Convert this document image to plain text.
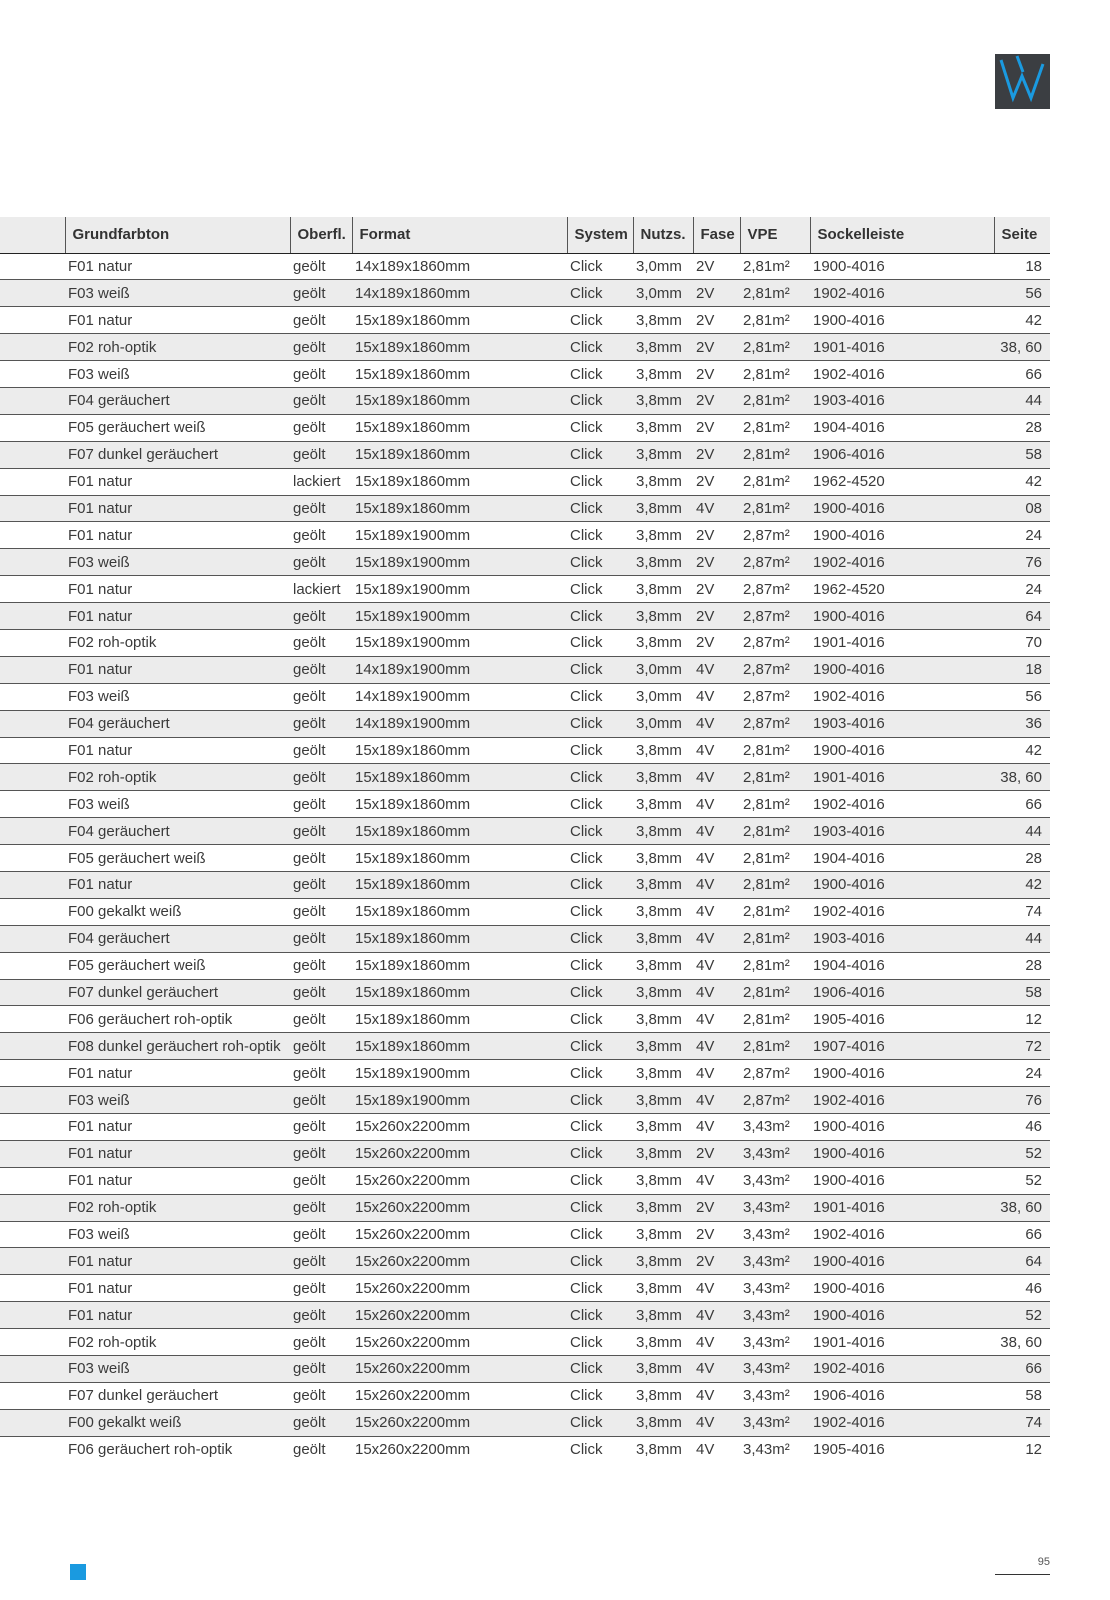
	Grundfarbton	Oberfl.	Format	System	Nutzs.	Fase	VPE	Sockelleiste	Seite
	F01 natur	geölt	14x189x1860mm	Click	3,0mm	2V	2,81m²	1900-4016	18
	F03 weiß	geölt	14x189x1860mm	Click	3,0mm	2V	2,81m²	1902-4016	56
	F01 natur	geölt	15x189x1860mm	Click	3,8mm	2V	2,81m²	1900-4016	42
	F02 roh-optik	geölt	15x189x1860mm	Click	3,8mm	2V	2,81m²	1901-4016	38, 60
	F03 weiß	geölt	15x189x1860mm	Click	3,8mm	2V	2,81m²	1902-4016	66
	F04 geräuchert	geölt	15x189x1860mm	Click	3,8mm	2V	2,81m²	1903-4016	44
	F05 geräuchert weiß	geölt	15x189x1860mm	Click	3,8mm	2V	2,81m²	1904-4016	28
	F07 dunkel geräuchert	geölt	15x189x1860mm	Click	3,8mm	2V	2,81m²	1906-4016	58
	F01 natur	lackiert	15x189x1860mm	Click	3,8mm	2V	2,81m²	1962-4520	42
	F01 natur	geölt	15x189x1860mm	Click	3,8mm	4V	2,81m²	1900-4016	08
	F01 natur	geölt	15x189x1900mm	Click	3,8mm	2V	2,87m²	1900-4016	24
	F03 weiß	geölt	15x189x1900mm	Click	3,8mm	2V	2,87m²	1902-4016	76
	F01 natur	lackiert	15x189x1900mm	Click	3,8mm	2V	2,87m²	1962-4520	24
	F01 natur	geölt	15x189x1900mm	Click	3,8mm	2V	2,87m²	1900-4016	64
	F02 roh-optik	geölt	15x189x1900mm	Click	3,8mm	2V	2,87m²	1901-4016	70
	F01 natur	geölt	14x189x1900mm	Click	3,0mm	4V	2,87m²	1900-4016	18
	F03 weiß	geölt	14x189x1900mm	Click	3,0mm	4V	2,87m²	1902-4016	56
	F04 geräuchert	geölt	14x189x1900mm	Click	3,0mm	4V	2,87m²	1903-4016	36
	F01 natur	geölt	15x189x1860mm	Click	3,8mm	4V	2,81m²	1900-4016	42
	F02 roh-optik	geölt	15x189x1860mm	Click	3,8mm	4V	2,81m²	1901-4016	38, 60
	F03 weiß	geölt	15x189x1860mm	Click	3,8mm	4V	2,81m²	1902-4016	66
	F04 geräuchert	geölt	15x189x1860mm	Click	3,8mm	4V	2,81m²	1903-4016	44
	F05 geräuchert weiß	geölt	15x189x1860mm	Click	3,8mm	4V	2,81m²	1904-4016	28
	F01 natur	geölt	15x189x1860mm	Click	3,8mm	4V	2,81m²	1900-4016	42
	F00 gekalkt weiß	geölt	15x189x1860mm	Click	3,8mm	4V	2,81m²	1902-4016	74
	F04 geräuchert	geölt	15x189x1860mm	Click	3,8mm	4V	2,81m²	1903-4016	44
	F05 geräuchert weiß	geölt	15x189x1860mm	Click	3,8mm	4V	2,81m²	1904-4016	28
	F07 dunkel geräuchert	geölt	15x189x1860mm	Click	3,8mm	4V	2,81m²	1906-4016	58
	F06 geräuchert roh-optik	geölt	15x189x1860mm	Click	3,8mm	4V	2,81m²	1905-4016	12
	F08 dunkel geräuchert roh-optik	geölt	15x189x1860mm	Click	3,8mm	4V	2,81m²	1907-4016	72
	F01 natur	geölt	15x189x1900mm	Click	3,8mm	4V	2,87m²	1900-4016	24
	F03 weiß	geölt	15x189x1900mm	Click	3,8mm	4V	2,87m²	1902-4016	76
	F01 natur	geölt	15x260x2200mm	Click	3,8mm	4V	3,43m²	1900-4016	46
	F01 natur	geölt	15x260x2200mm	Click	3,8mm	2V	3,43m²	1900-4016	52
	F01 natur	geölt	15x260x2200mm	Click	3,8mm	4V	3,43m²	1900-4016	52
	F02 roh-optik	geölt	15x260x2200mm	Click	3,8mm	2V	3,43m²	1901-4016	38, 60
	F03 weiß	geölt	15x260x2200mm	Click	3,8mm	2V	3,43m²	1902-4016	66
	F01 natur	geölt	15x260x2200mm	Click	3,8mm	2V	3,43m²	1900-4016	64
	F01 natur	geölt	15x260x2200mm	Click	3,8mm	4V	3,43m²	1900-4016	46
	F01 natur	geölt	15x260x2200mm	Click	3,8mm	4V	3,43m²	1900-4016	52
	F02 roh-optik	geölt	15x260x2200mm	Click	3,8mm	4V	3,43m²	1901-4016	38, 60
	F03 weiß	geölt	15x260x2200mm	Click	3,8mm	4V	3,43m²	1902-4016	66
	F07 dunkel geräuchert	geölt	15x260x2200mm	Click	3,8mm	4V	3,43m²	1906-4016	58
	F00 gekalkt weiß	geölt	15x260x2200mm	Click	3,8mm	4V	3,43m²	1902-4016	74
	F06 geräuchert roh-optik	geölt	15x260x2200mm	Click	3,8mm	4V	3,43m²	1905-4016	12
95
